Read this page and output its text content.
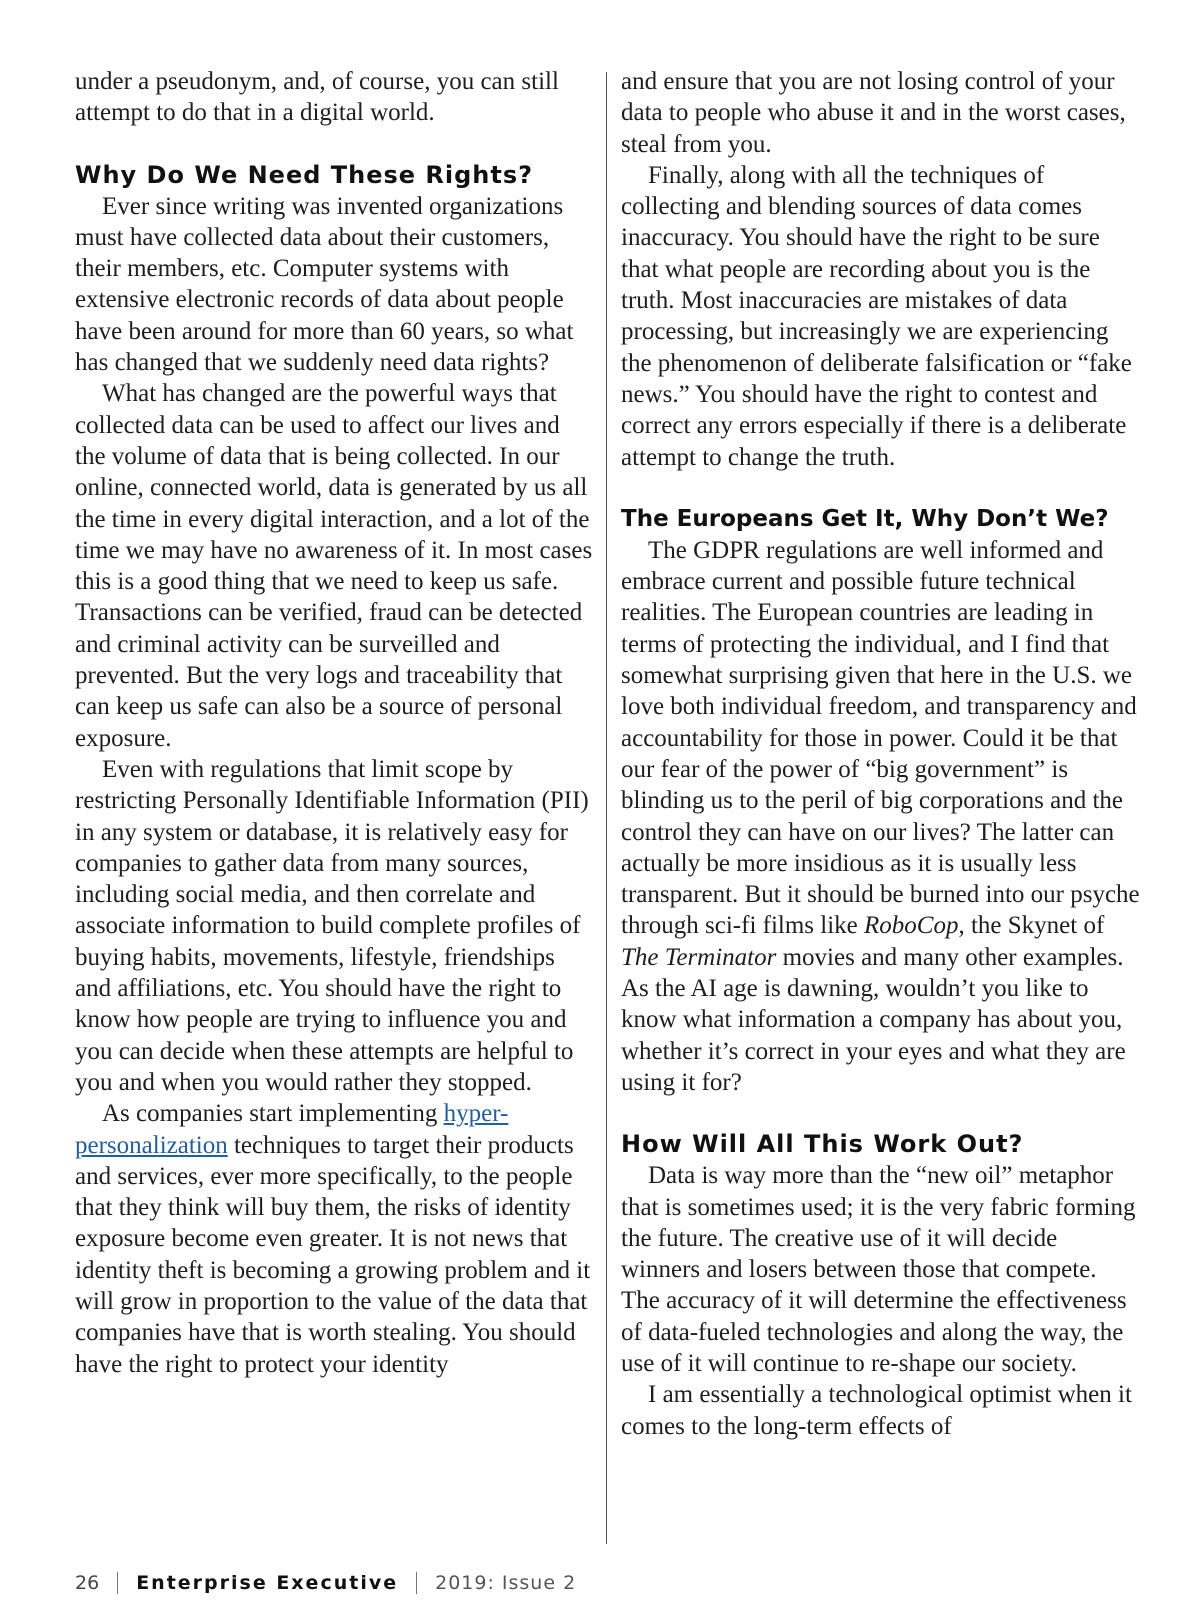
under a pseudonym, and, of course, you can still attempt to do that in a digital world.

Why Do We Need These Rights?

Ever since writing was invented organizations must have collected data about their customers, their members, etc. Computer systems with extensive electronic records of data about people have been around for more than 60 years, so what has changed that we suddenly need data rights?

What has changed are the powerful ways that collected data can be used to affect our lives and the volume of data that is being collected. In our online, connected world, data is generated by us all the time in every digital interaction, and a lot of the time we may have no awareness of it. In most cases this is a good thing that we need to keep us safe. Transactions can be verified, fraud can be detected and criminal activity can be surveilled and prevented. But the very logs and traceability that can keep us safe can also be a source of personal exposure.

Even with regulations that limit scope by restricting Personally Identifiable Information (PII) in any system or database, it is relatively easy for companies to gather data from many sources, including social media, and then correlate and associate information to build complete profiles of buying habits, movements, lifestyle, friendships and affiliations, etc. You should have the right to know how people are trying to influence you and you can decide when these attempts are helpful to you and when you would rather they stopped.

As companies start implementing hyper-personalization techniques to target their products and services, ever more specifically, to the people that they think will buy them, the risks of identity exposure become even greater. It is not news that identity theft is becoming a growing problem and it will grow in proportion to the value of the data that companies have that is worth stealing. You should have the right to protect your identity

and ensure that you are not losing control of your data to people who abuse it and in the worst cases, steal from you.

Finally, along with all the techniques of collecting and blending sources of data comes inaccuracy. You should have the right to be sure that what people are recording about you is the truth. Most inaccuracies are mistakes of data processing, but increasingly we are experiencing the phenomenon of deliberate falsification or “fake news.” You should have the right to contest and correct any errors especially if there is a deliberate attempt to change the truth.

The Europeans Get It, Why Don’t We?

The GDPR regulations are well informed and embrace current and possible future technical realities. The European countries are leading in terms of protecting the individual, and I find that somewhat surprising given that here in the U.S. we love both individual freedom, and transparency and accountability for those in power. Could it be that our fear of the power of “big government” is blinding us to the peril of big corporations and the control they can have on our lives? The latter can actually be more insidious as it is usually less transparent. But it should be burned into our psyche through sci-fi films like RoboCop, the Skynet of The Terminator movies and many other examples. As the AI age is dawning, wouldn’t you like to know what information a company has about you, whether it’s correct in your eyes and what they are using it for?

How Will All This Work Out?

Data is way more than the “new oil” metaphor that is sometimes used; it is the very fabric forming the future. The creative use of it will decide winners and losers between those that compete. The accuracy of it will determine the effectiveness of data-fueled technologies and along the way, the use of it will continue to re-shape our society.

I am essentially a technological optimist when it comes to the long-term effects of

26 Enterprise Executive 2019: Issue 2
